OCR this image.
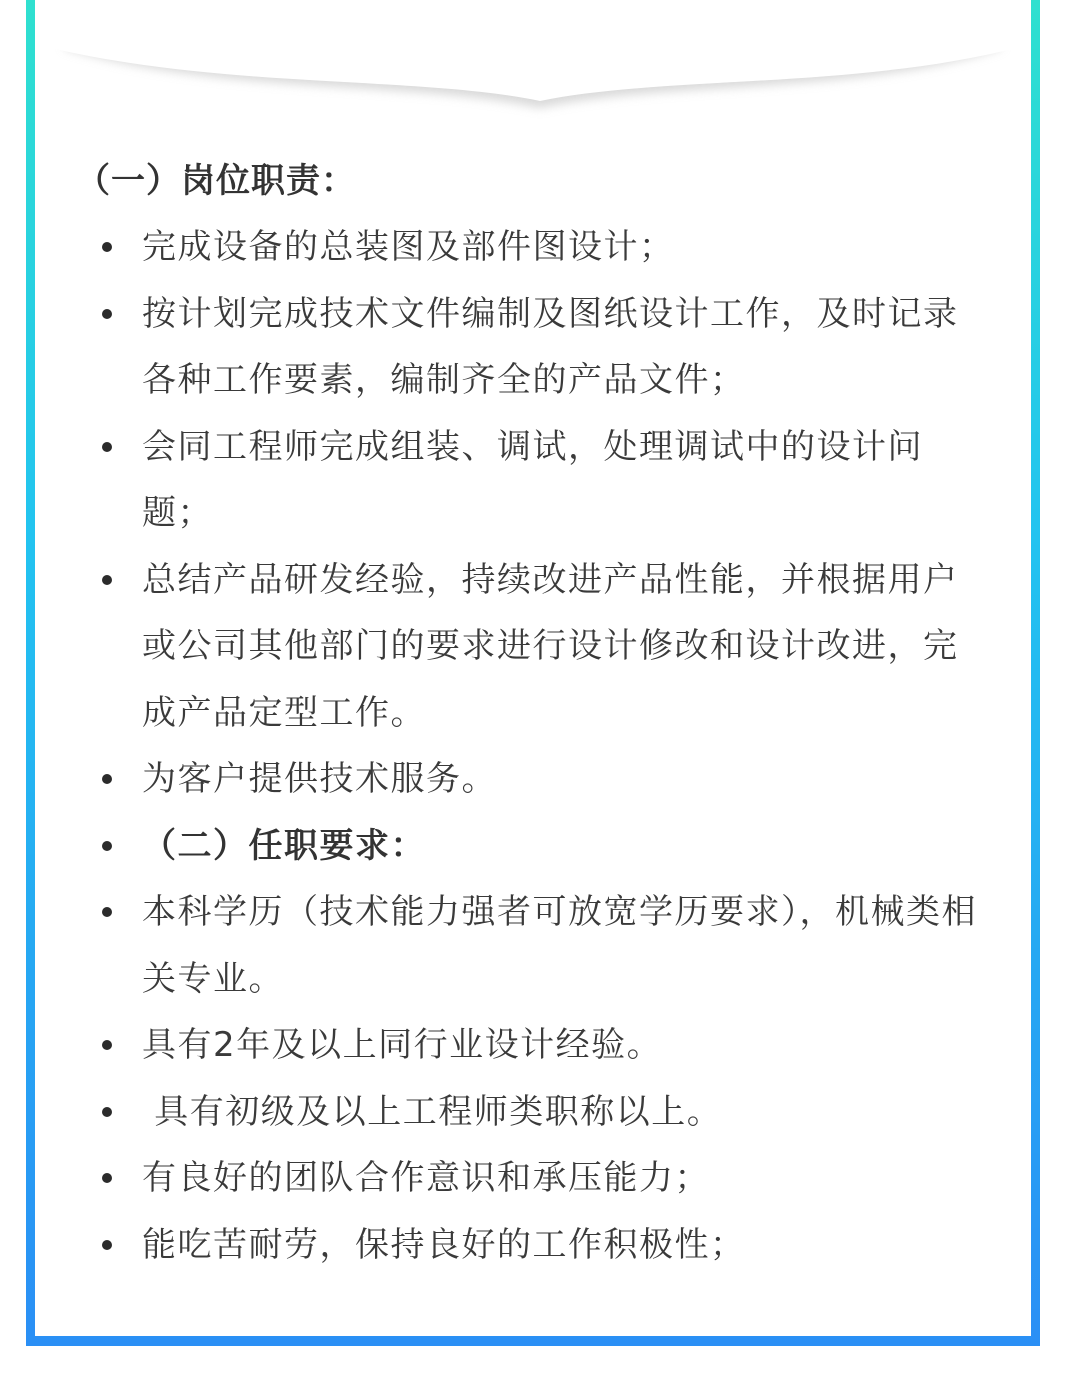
（一）岗位职责：
完成设备的总装图及部件图设计；
按计划完成技术文件编制及图纸设计工作，及时记录各种工作要素，编制齐全的产品文件；
会同工程师完成组装、调试，处理调试中的设计问题；
总结产品研发经验，持续改进产品性能，并根据用户或公司其他部门的要求进行设计修改和设计改进，完成产品定型工作。
为客户提供技术服务。
（二）任职要求：
本科学历（技术能力强者可放宽学历要求），机械类相关专业。
具有2年及以上同行业设计经验。
具有初级及以上工程师类职称以上。
有良好的团队合作意识和承压能力；
能吃苦耐劳，保持良好的工作积极性；
